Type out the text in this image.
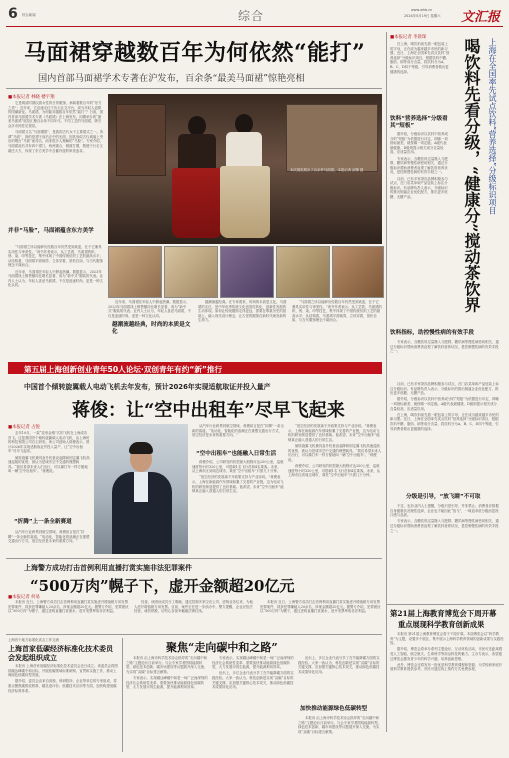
6 综合新闻	综合	www.whb.cn
2024年5月19日 星期六 文汇报
马面裙穿越数百年为何依然“能打”
国内首部马面裙学术专著在沪发布，百余条“最美马面裙”惊艳亮相
■本报记者 林晓 楼宇翔

它是明清时期汉族女性的日常服饰，承载着数百年的“东方之美”；近年来，它迅速走红于各大社交平台，成为年轻人追捧的国潮新宠。马面裙，为何能穿越数百年依然“能打”？日前，国内首部马面裙学术专著《马面裙》在上海发布，同期举办的“最美马面裙”展览汇聚百余条不同年代、不同工艺的马面裙，吸引众多市民驻足观赏。

马面裙又名“马面褶裙”，是我国古代女子主要裙式之一。所谓“马面”，指的是裙子前后正中的光面，因其形似古代城墙上突出的墩台“马面”而得名，而非很多人理解的“马脸”。专家介绍，马面裙前后共有四个裙门，两两重合，侧面打褶，既便于行走又端庄大方，体现了东方美学中含蓄内敛的审美追求。

并非“马脸”，马面裙蕴含东方美学

“马面裙之所以能够历经数百年仍然受到欢迎，在于它兼具实用性与审美性。”该书作者表示，从工艺看，马面裙的织、绣、染、印等技艺，集中体现了中国传统纺织工艺的最高水平；从结构看，马面裙平面裁剪、立体穿着，宽松自如，与当代服饰理念不谋而合。

近年来，马面裙在年轻人中掀起热潮。数据显示，2023年马面裙线上销售额同比增长显著，成为“新中式”服装的代表。业内人士认为，年轻人喜爱马面裙，不仅是追逐时尚，更是一种文化认同。

本次展览展出了百余件马面裙。本报记者 邱肇 摄

近年来，马面裙在年轻人中掀起热潮。数据显示，2023年马面裙线上销售额同比增长显著，成为“新中式”服装的代表。业内人士认为，年轻人喜爱马面裙，不仅是追逐时尚，更是一种文化认同。

越潮流越经典，时尚的本质是文化

越潮流越经典。在专家看来，时尚的本质是文化，马面裙的走红，是中华优秀传统文化创造性转化、创新性发展的生动体现。如何让传统服饰走得更远，需要在尊重历史的基础上，融入现代设计理念，让古老的服饰在新时代焕发新的生命力。

“马面裙之所以能够历经数百年仍然受到欢迎，在于它兼具实用性与审美性。”该书作者表示，从工艺看，马面裙的织、绣、染、印等技艺，集中体现了中国传统纺织工艺的最高水平；从结构看，马面裙平面裁剪、立体穿着，宽松自如，与当代服饰理念不谋而合。

■本报记者 李晨琛

在上海，喝饮料前先看一眼包装上的字母，正在成为越来越多市民的新习惯。近日，上海在全国率先试点饮料“营养选择”分级标识项目，根据饮料中糖、脂肪、钠等成分含量，将饮料分为A、B、C、D四个等级，引导消费者做出更健康的选择。	喝饮料先看分级，“健康分”搅动茶饮界 上海在全国率先试点饮料“营养选择”分级标识项目
饮料“营养选择”分级看其“短板”

据介绍，分级标识以饮料中营养成分的“短板”为依据进行评定，即哪一项指标最差，就按哪一项定级。A级代表最健康，D级则提示相关成分含量较高，应适量饮用。

专家表示，含糖饮料过量摄入与肥胖、糖尿病等慢性病密切相关，通过分级标识帮助消费者直观了解饮料营养状况，是控制慢性病的有效手段之一。

目前，已有多家茶饮品牌积极参与试点，在门店菜单和产品包装上标注分级标识。有品牌负责人表示，分级标识的推出倒逼企业优化配方，推出更多低糖、无糖产品。

专家表示，含糖饮料过量摄入与肥胖、糖尿病等慢性病密切相关，通过分级标识帮助消费者直观了解饮料营养状况，是控制慢性病的有效手段之一。

饮料指标，助控慢性病的有效手段

目前，已有多家茶饮品牌积极参与试点，在门店菜单和产品包装上标注分级标识。有品牌负责人表示，分级标识的推出倒逼企业优化配方，推出更多低糖、无糖产品。

据介绍，分级标识以饮料中营养成分的“短板”为依据进行评定，即哪一项指标最差，就按哪一项定级。A级代表最健康，D级则提示相关成分含量较高，应适量饮用。

在上海，喝饮料前先看一眼包装上的字母，正在成为越来越多市民的新习惯。近日，上海在全国率先试点饮料“营养选择”分级标识项目，根据饮料中糖、脂肪、钠等成分含量，将饮料分为A、B、C、D四个等级，引导消费者做出更健康的选择。

分级是引导，“放飞睛”不可取

不过，也有业内人士提醒，分级只是引导，并非禁止。消费者应根据自身健康状况理性选择，企业也不能因此“放飞”，一味追求低分级而忽视口感与品质。

专家表示，含糖饮料过量摄入与肥胖、糖尿病等慢性病密切相关，通过分级标识帮助消费者直观了解饮料营养状况，是控制慢性病的有效手段之一。

第五届上海创新创业青年50人论坛·双创青年有约“新”推行
中国首个倾转旋翼载人电动飞机去年发布，预计2026年实现适航取证并投入量产
蒋俊：让“空中出租车”尽早飞起来
■本报记者 占悦

去年10月，一架“变形金刚”式的飞机在上海成功首飞。这是我国首个倾转旋翼载人电动飞机，由上海时的科技有限公司自主研发。该公司创始人蒋俊表示，预计2026年实现适航取证并投入量产，让“空中出租车”尽早飞起来。

倾转旋翼飞机兼具直升机垂直起降和固定翼飞机高速巡航的优势，被认为是城市空中交通的理想载具。“我们希望未来人们出行，可以像打车一样方便地叫一辆‘空中出租车’。”蒋俊说。

“折腾”上一条全新赛道

从汽车行业跨界到航空领域，蒋俊坦言是在“折腾”一条全新的赛道。“电动化、智能化的浪潮正在重塑交通出行方式，低空经济是未来的重要方向。”

从汽车行业跨界到航空领域，蒋俊坦言是在“折腾”一条全新的赛道。“电动化、智能化的浪潮正在重塑交通出行方式，低空经济是未来的重要方向。”

“空中出租车”也能融入日常生活

蒋俊介绍，公司研发的机型最大航程可达250公里，巡航速度每小时320公里，可搭载1名飞行员和4名乘客。未来，从上海市区到周边城市，乘坐“空中出租车”只需几十分钟。

“低空经济的发展离不开政策支持与产业协同。”蒋俊表示，上海在新能源汽车领域积累了完善的产业链，这为电动飞机的研发制造提供了良好基础。他希望，未来“空中出租车”能够真正融入普通人的日常生活。

“低空经济的发展离不开政策支持与产业协同。”蒋俊表示，上海在新能源汽车领域积累了完善的产业链，这为电动飞机的研发制造提供了良好基础。他希望，未来“空中出租车”能够真正融入普通人的日常生活。

倾转旋翼飞机兼具直升机垂直起降和固定翼飞机高速巡航的优势，被认为是城市空中交通的理想载具。“我们希望未来人们出行，可以像打车一样方便地叫一辆‘空中出租车’。”蒋俊说。

蒋俊介绍，公司研发的机型最大航程可达250公里，巡航速度每小时320公里，可搭载1名飞行员和4名乘客。未来，从上海市区到周边城市，乘坐“空中出租车”只需几十分钟。

上海警方成功打击首例利用直播打赏实施非法犯罪案件
“500万肉”幌子下，虚开金额超20亿元
■本报记者 何易

本报讯 近日，上海警方成功打击首例利用直播打赏实施虚开增值税专用发票犯罪案件，抓获犯罪嫌疑人20余名，涉案金额超20亿元。据警方介绍，犯罪团伙以“500万肉”为幌子，通过虚构直播打赏流水，虚开发票牟取非法利益。

经查，该团伙成员分工明确，通过控制多家空壳公司，虚构业务往来，为他人虚开增值税专用发票。目前，案件正在进一步侦办中。警方提醒，企业应依法经营、诚信纳税，切勿心存侥幸触碰法律红线。

本报讯 近日，上海警方成功打击首例利用直播打赏实施虚开增值税专用发票犯罪案件，抓获犯罪嫌疑人20余名，涉案金额超20亿元。据警方介绍，犯罪团伙以“500万肉”为幌子，通过虚构直播打赏流水，虚开发票牟取非法利益。

上海首个地方标准化试点工作交流
上海首家低碳经济标准化技术委员会发起组织成立

本报讯 上海首家低碳经济标准化技术委员会近日成立。该委员会将围绕碳达峰碳中和目标，开展低碳领域标准研制、宣贯和实施工作，推动上海绿色低碳转型发展。

据介绍，委员会由来自高校、科研院所、企业等单位的专家组成，将重点聚焦碳排放核算、碳足迹评价、低碳技术应用等方面，加快构建低碳经济标准体系。

聚焦“走向碳中和之路”

本报讯 由上海市科学技术协会指导的“走向碳中和之路”主题论坛日前举行。与会专家学者围绕能源转型、绿色技术创新、碳市场建设等议题展开深入交流，为实现“双碳”目标建言献策。

专家表示，实现碳达峰碳中和是一场广泛而深刻的经济社会系统性变革，需要加快推动能源绿色低碳转型，大力发展可再生能源，提升能源利用效率。

专家表示，实现碳达峰碳中和是一场广泛而深刻的经济社会系统性变革，需要加快推动能源绿色低碳转型，大力发展可再生能源，提升能源利用效率。

论坛上，多位企业代表分享了在节能降碳方面的实践经验。大家一致认为，科技创新是实现“双碳”目标的关键支撑，应加强关键核心技术攻关，推动绿色低碳技术成果转化应用。

加快推动能源绿色低碳转型

论坛上，多位企业代表分享了在节能降碳方面的实践经验。大家一致认为，科技创新是实现“双碳”目标的关键支撑，应加强关键核心技术攻关，推动绿色低碳技术成果转化应用。

本报讯 由上海市科学技术协会指导的“走向碳中和之路”主题论坛日前举行。与会专家学者围绕能源转型、绿色技术创新、碳市场建设等议题展开深入交流，为实现“双碳”目标建言献策。

第21届上海教育博览会下周开幕
重点展现科学教育创新成果

本报讯 第21届上海教育博览会将于下周开幕。本届博览会以“科学教育”为主题，设置多个展区，集中展示上海科学教育领域的创新成果与实践经验。

据介绍，博览会将举办系列主题论坛、互动体验活动，市民可近距离感受人工智能、航空航天、生命科学等前沿科技的魅力。主办方表示，希望通过博览会激发青少年的科学兴趣，培养创新思维。

此外，博览会还将发布一批优质科学教育课程和资源，为学校和家庭开展科学教育提供参考。市民可通过线上预约方式免费参观。
